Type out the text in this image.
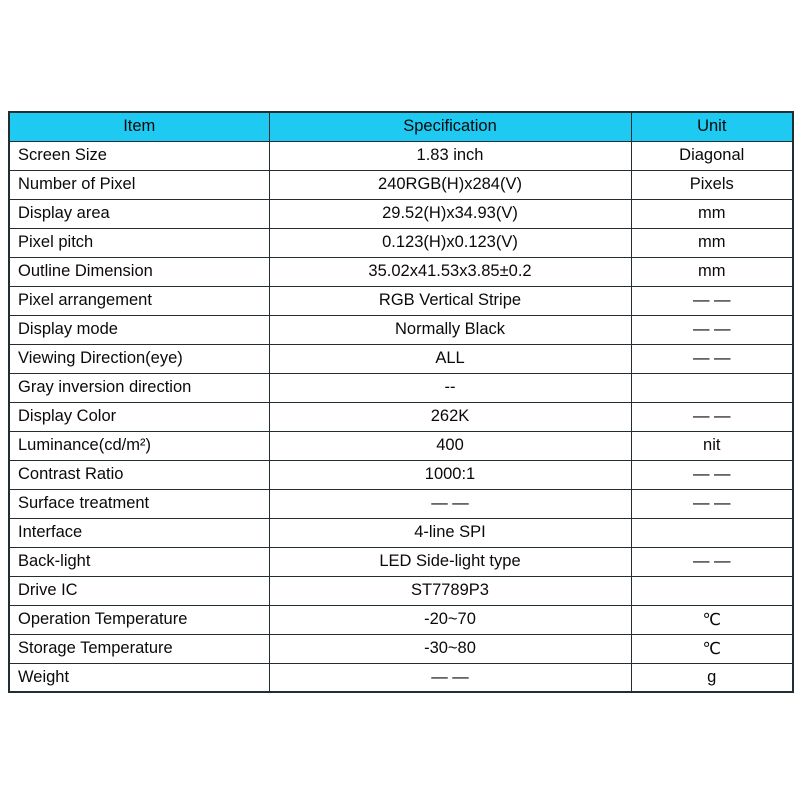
Item	Specification	Unit
Screen Size	1.83 inch	Diagonal
Number of Pixel	240RGB(H)x284(V)	Pixels
Display area	29.52(H)x34.93(V)	mm
Pixel pitch	0.123(H)x0.123(V)	mm
Outline Dimension	35.02x41.53x3.85±0.2	mm
Pixel arrangement	RGB Vertical Stripe	— —
Display mode	Normally Black	— —
Viewing Direction(eye)	ALL	— —
Gray inversion direction	--	
Display Color	262K	— —
Luminance(cd/m²)	400	nit
Contrast Ratio	1000:1	— —
Surface treatment	— —	— —
Interface	4-line SPI	
Back-light	LED Side-light type	— —
Drive IC	ST7789P3	
Operation Temperature	-20~70	℃
Storage Temperature	-30~80	℃
Weight	— —	g
